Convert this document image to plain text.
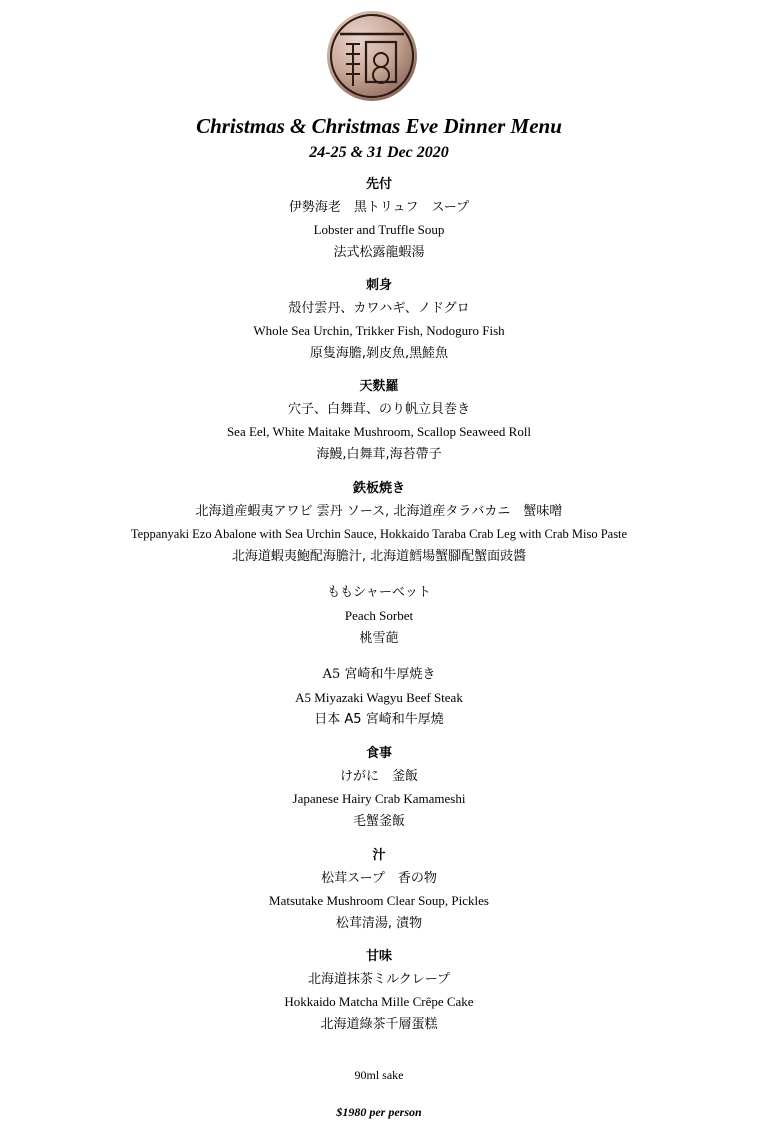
Christmas & Christmas Eve Dinner Menu
24-25 & 31 Dec 2020
先付
伊勢海老　黒トリュフ　スープ
Lobster and Truffle Soup
法式松露龍蝦湯
刺身
殻付雲丹、カワハギ、ノドグロ
Whole Sea Urchin, Trikker Fish, Nodoguro Fish
原隻海膽,剝皮魚,黑鯥魚
天麩羅
穴子、白舞茸、のり帆立貝巻き
Sea Eel, White Maitake Mushroom, Scallop Seaweed Roll
海鰻,白舞茸,海苔帶子
鉄板焼き
北海道産蝦夷アワビ 雲丹 ソース, 北海道産タラバカニ　蟹味噌
Teppanyaki Ezo Abalone with Sea Urchin Sauce, Hokkaido Taraba Crab Leg with Crab Miso Paste
北海道蝦夷鮑配海膽汁, 北海道鱈場蟹腳配蟹面豉醬
ももシャーベット
Peach Sorbet
桃雪葩
A5 宮崎和牛厚焼き
A5 Miyazaki Wagyu Beef Steak
日本 A5 宮崎和牛厚燒
食事
けがに　釜飯
Japanese Hairy Crab Kamameshi
毛蟹釜飯
汁
松茸スープ　香の物
Matsutake Mushroom Clear Soup, Pickles
松茸清湯, 漬物
甘味
北海道抹茶ミルクレープ
Hokkaido Matcha Mille Crêpe Cake
北海道綠茶千層蛋糕
90ml sake
$1980 per person
